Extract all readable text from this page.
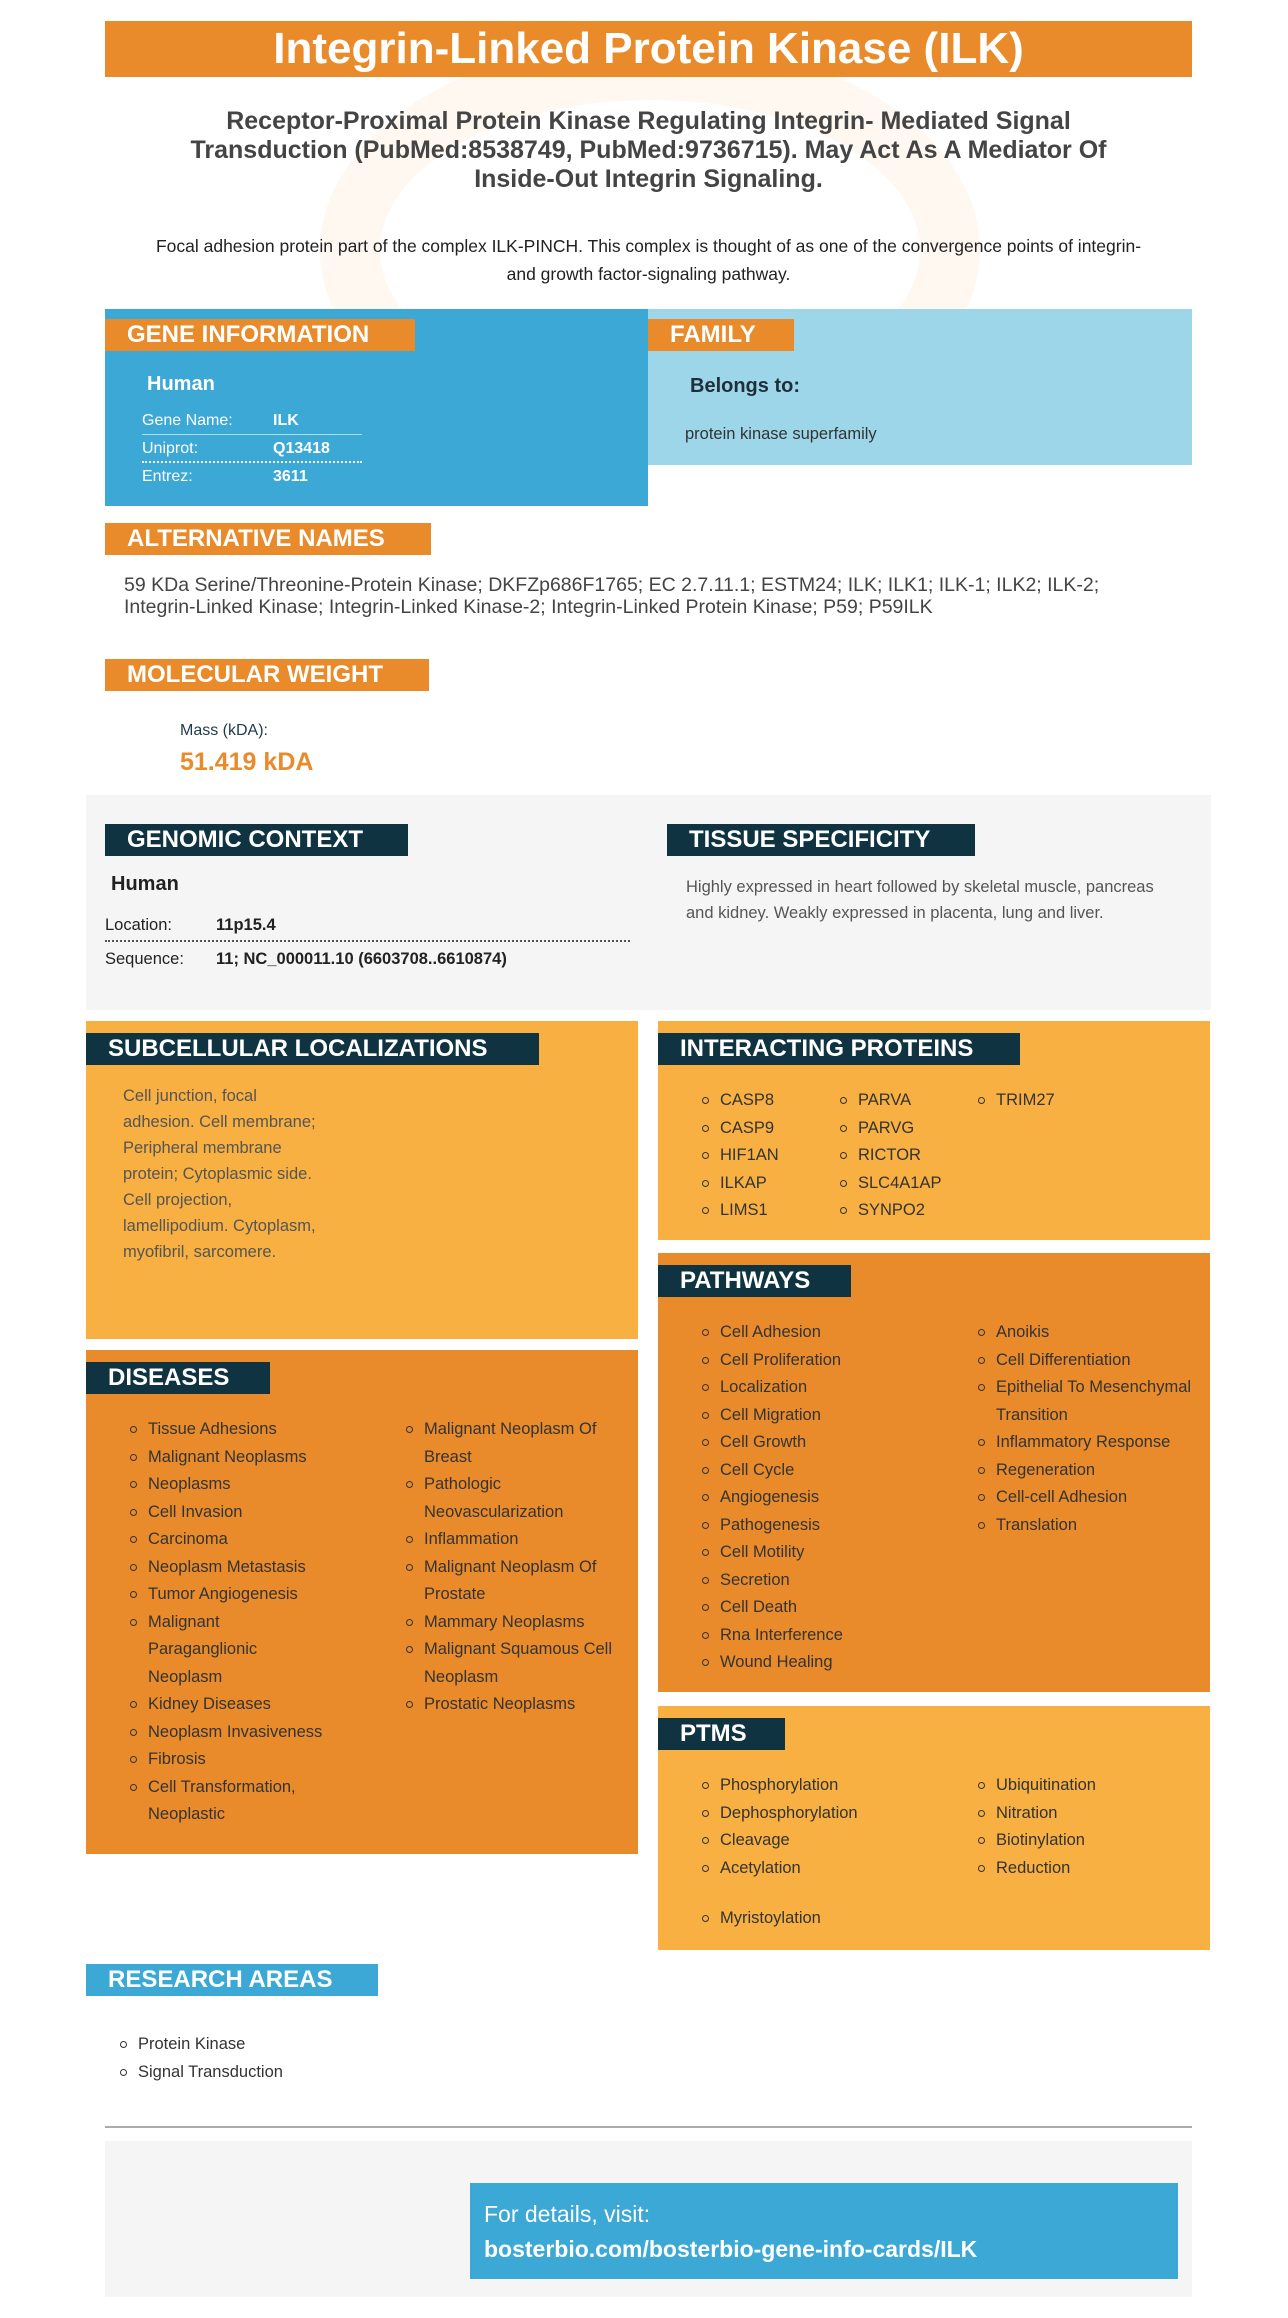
Integrin-Linked Protein Kinase (ILK)
Receptor-Proximal Protein Kinase Regulating Integrin- Mediated Signal Transduction (PubMed:8538749, PubMed:9736715). May Act As A Mediator Of Inside-Out Integrin Signaling.
Focal adhesion protein part of the complex ILK-PINCH. This complex is thought of as one of the convergence points of integrin- and growth factor-signaling pathway.
GENE INFORMATION
Human
Gene Name:	ILK
Uniprot:	Q13418
Entrez:	3611
FAMILY
Belongs to:
protein kinase superfamily
ALTERNATIVE NAMES
59 KDa Serine/Threonine-Protein Kinase; DKFZp686F1765; EC 2.7.11.1; ESTM24; ILK; ILK1; ILK-1; ILK2; ILK-2; Integrin-Linked Kinase; Integrin-Linked Kinase-2; Integrin-Linked Protein Kinase; P59; P59ILK
MOLECULAR WEIGHT
Mass (kDA):
51.419 kDA
GENOMIC CONTEXT
Human
Location:	11p15.4
Sequence:	11; NC_000011.10 (6603708..6610874)
TISSUE SPECIFICITY
Highly expressed in heart followed by skeletal muscle, pancreas and kidney. Weakly expressed in placenta, lung and liver.
SUBCELLULAR LOCALIZATIONS
Cell junction, focal adhesion. Cell membrane; Peripheral membrane protein; Cytoplasmic side. Cell projection, lamellipodium. Cytoplasm, myofibril, sarcomere.
INTERACTING PROTEINS
CASP8
CASP9
HIF1AN
ILKAP
LIMS1
PARVA
PARVG
RICTOR
SLC4A1AP
SYNPO2
TRIM27
DISEASES
Tissue Adhesions
Malignant Neoplasms
Neoplasms
Cell Invasion
Carcinoma
Neoplasm Metastasis
Tumor Angiogenesis
Malignant Paraganglionic Neoplasm
Kidney Diseases
Neoplasm Invasiveness
Fibrosis
Cell Transformation, Neoplastic
Malignant Neoplasm Of Breast
Pathologic Neovascularization
Inflammation
Malignant Neoplasm Of Prostate
Mammary Neoplasms
Malignant Squamous Cell Neoplasm
Prostatic Neoplasms
PATHWAYS
Cell Adhesion
Cell Proliferation
Localization
Cell Migration
Cell Growth
Cell Cycle
Angiogenesis
Pathogenesis
Cell Motility
Secretion
Cell Death
Rna Interference
Wound Healing
Anoikis
Cell Differentiation
Epithelial To Mesenchymal Transition
Inflammatory Response
Regeneration
Cell-cell Adhesion
Translation
PTMS
Phosphorylation
Dephosphorylation
Cleavage
Acetylation
Ubiquitination
Nitration
Biotinylation
Reduction
Myristoylation
RESEARCH AREAS
Protein Kinase
Signal Transduction
For details, visit:
bosterbio.com/bosterbio-gene-info-cards/ILK
